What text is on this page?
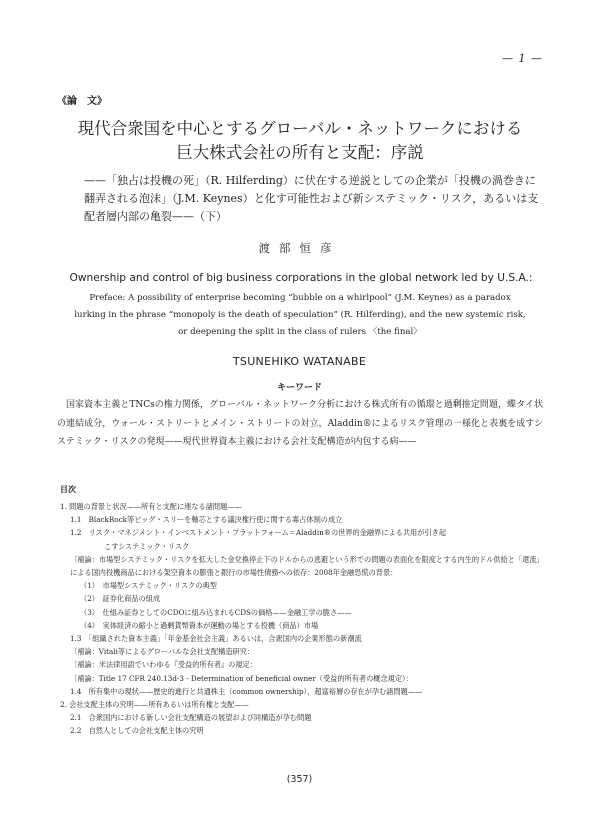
— 1 —
《論　文》
現代合衆国を中心とするグローバル・ネットワークにおける
巨大株式会社の所有と支配：序説
——「独占は投機の死」（R. Hilferding）に伏在する逆説としての企業が「投機の渦巻きに翻弄される泡沫」（J.M. Keynes）と化す可能性および新システミック・リスク，あるいは支配者層内部の亀裂——（下）
渡部恒彦
Ownership and control of big business corporations in the global network led by U.S.A.:
Preface: A possibility of enterprise becoming “bubble on a whirlpool” (J.M. Keynes) as a paradox
lurking in the phrase “monopoly is the death of speculation” (R. Hilferding), and the new systemic risk,
or deepening the split in the class of rulers 〈the final〉
TSUNEHIKO WATANABE
キーワード
国家資本主義とTNCsの権力関係，グローバル・ネットワーク分析における株式所有の循環と過剰推定問題，蝶タイ状の連結成分，ウォール・ストリートとメイン・ストリートの対立，Aladdin®によるリスク管理の一様化と表裏を成すシステミック・リスクの発現——現代世界資本主義における会社支配構造が内包する病——
目次
1. 問題の背景と状況——所有と支配に連なる諸問題——
1.1　BlackRock等ビッグ・スリーを軸芯とする議決権行使に関する寡占体制の成立
1.2　リスク・マネジメント・インベストメント・プラットフォーム＝Aladdin®の世界的金融界による共用が引き起
こすシステミック・リスク
〔補論：市場型システミック・リスクを拡大した金兌換停止下のドルからの逃避という形での問題の表面化を限度とする内生的ドル供給と「還流」による国内投機商品における架空資本の膨張と銀行の市場性債務への依存：2008年金融恐慌の背景：
（1）　市場型システミック・リスクの典型
（2）　証券化商品の組成
（3）　仕組み証券としてのCDOに組み込まれるCDSの価格——金融工学の脆さ——
（4）　実体経済の縮小と過剰貨幣資本が運動の場とする投機（商品）市場
1.3　「組織された資本主義」「年金基金社会主義」あるいは，合衆国内の企業形態の新潮流
〔補論：Vitali等によるグローバルな会社支配構造研究：
〔補論：米法律用語でいわゆる『受益的所有者』の規定：
〔補論：Title 17 CFR 240.13d-3 - Determination of beneficial owner（受益的所有者の概念規定）：
1.4　所有集中の現状——歴史的進行と共通株主（common ownership），超富裕層の存在が孕む諸問題——
2. 会社支配主体の究明——所有あるいは所有権と支配——
2.1　合衆国内における新しい会社支配構造の展望および同構造が孕む問題
2.2　自然人としての会社支配主体の究明
(357)
